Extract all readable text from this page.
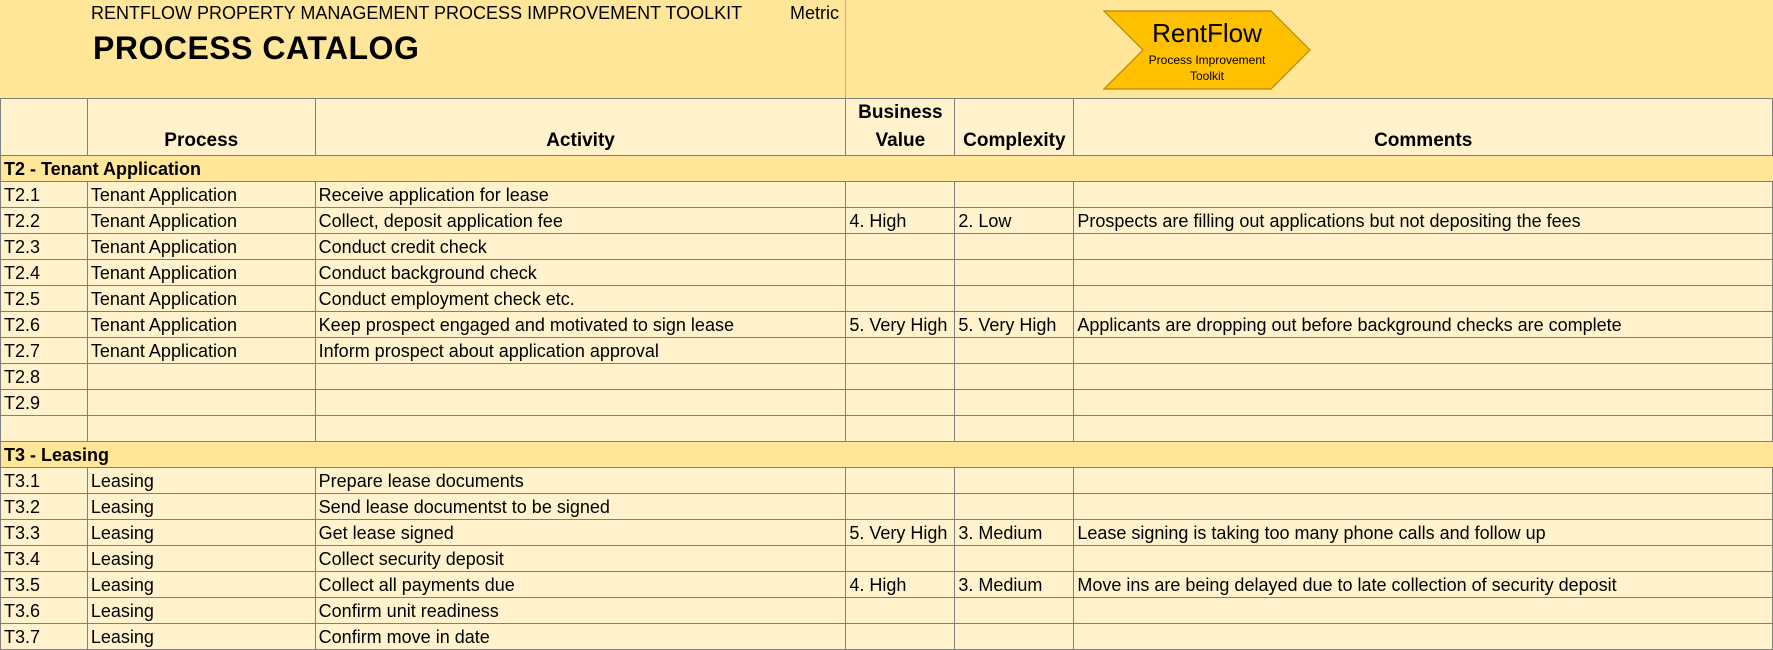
RENTFLOW PROPERTY MANAGEMENT PROCESS IMPROVEMENT TOOLKIT	Metric
PROCESS CATALOG	RentFlow
Process Improvement Toolkit
	Process	Activity	Business Value	Complexity	Comments
T2 - Tenant Application					
T2.1	Tenant Application	Receive application for lease			
T2.2	Tenant Application	Collect, deposit application fee	4. High	2. Low	Prospects are filling out applications but not depositing the fees
T2.3	Tenant Application	Conduct credit check			
T2.4	Tenant Application	Conduct background check			
T2.5	Tenant Application	Conduct employment check etc.			
T2.6	Tenant Application	Keep prospect engaged and motivated to sign lease	5. Very High	5. Very High	Applicants are dropping out before background checks are complete
T2.7	Tenant Application	Inform prospect about application approval			
T2.8					
T2.9					

T3 - Leasing					
T3.1	Leasing	Prepare lease documents			
T3.2	Leasing	Send lease documentst to be signed			
T3.3	Leasing	Get lease signed	5. Very High	3. Medium	Lease signing is taking too many phone calls and follow up
T3.4	Leasing	Collect security deposit			
T3.5	Leasing	Collect all payments due	4. High	3. Medium	Move ins are being delayed due to late collection of security deposit
T3.6	Leasing	Confirm unit readiness			
T3.7	Leasing	Confirm move in date			
